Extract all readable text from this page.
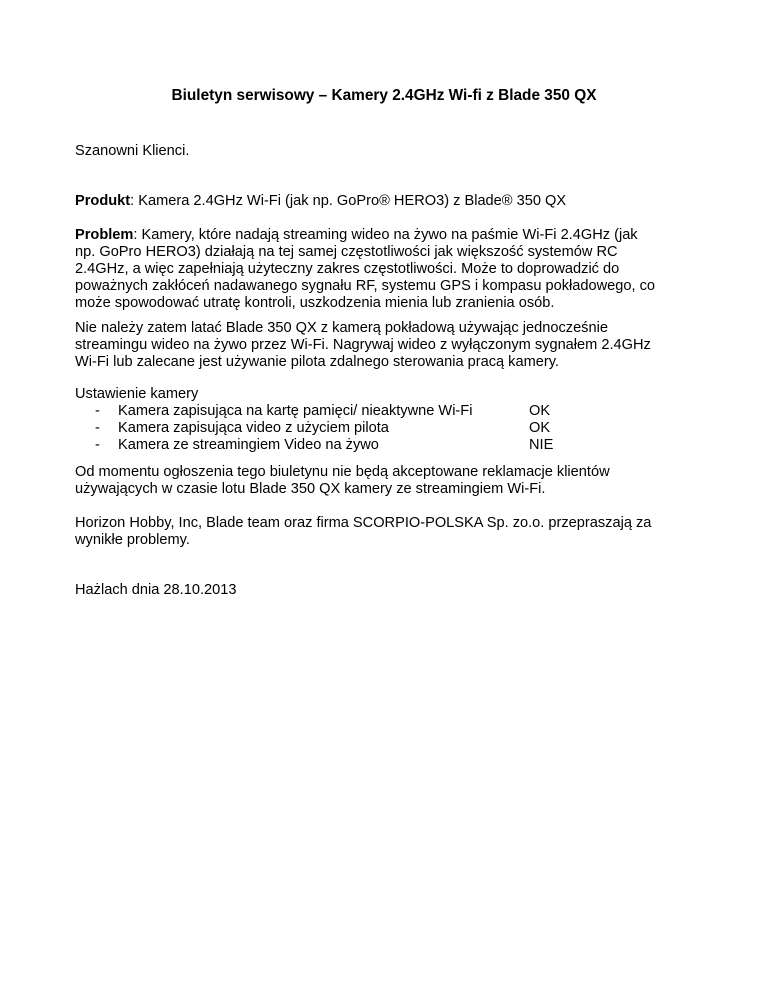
Biuletyn serwisowy – Kamery 2.4GHz Wi-fi z Blade 350 QX
Szanowni Klienci.
Produkt: Kamera 2.4GHz Wi-Fi (jak np. GoPro® HERO3) z Blade® 350 QX
Problem: Kamery, które nadają streaming wideo na żywo na paśmie Wi-Fi 2.4GHz (jak
np. GoPro HERO3) działają na tej samej częstotliwości jak większość systemów RC
2.4GHz, a więc zapełniają użyteczny zakres częstotliwości. Może to doprowadzić do
poważnych zakłóceń nadawanego sygnału RF, systemu GPS i kompasu pokładowego, co
może spowodować utratę kontroli, uszkodzenia mienia lub zranienia osób.
Nie należy zatem latać Blade 350 QX z kamerą pokładową używając jednocześnie
streamingu wideo na żywo przez Wi-Fi. Nagrywaj wideo z wyłączonym sygnałem 2.4GHz
Wi-Fi lub zalecane jest używanie pilota zdalnego sterowania pracą kamery.
Ustawienie kamery
- Kamera zapisująca na kartę pamięci/ nieaktywne Wi-Fi	OK
- Kamera zapisująca video z użyciem pilota	OK
- Kamera ze streamingiem Video na żywo	NIE
Od momentu ogłoszenia tego biuletynu nie będą akceptowane reklamacje klientów
używających w czasie lotu Blade 350 QX kamery ze streamingiem Wi-Fi.
Horizon Hobby, Inc, Blade team oraz firma SCORPIO-POLSKA Sp. zo.o. przepraszają za
wynikłe problemy.
Hażlach dnia 28.10.2013
